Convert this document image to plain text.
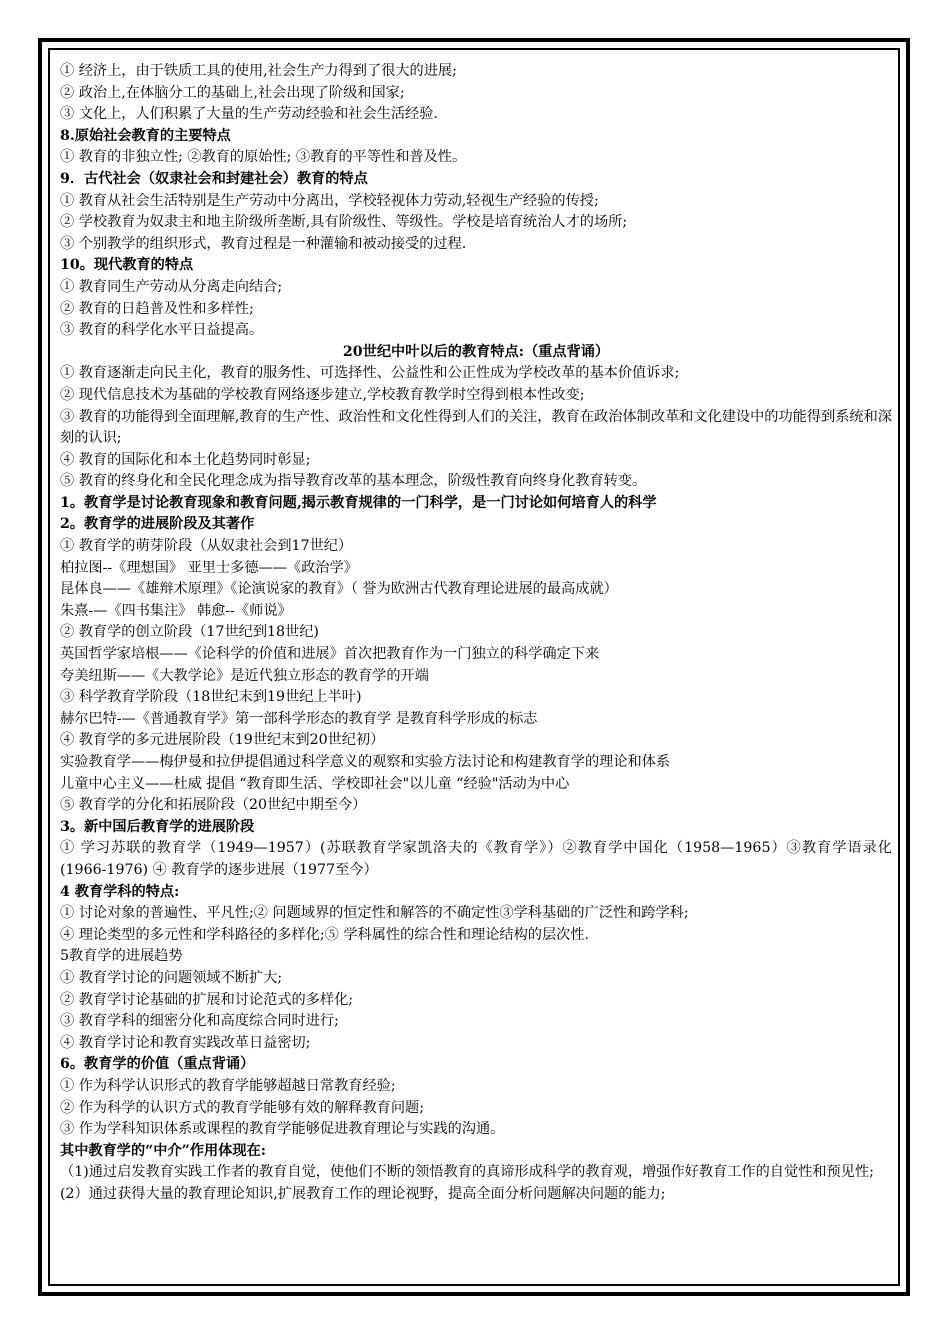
① 经济上，由于铁质工具的使用,社会生产力得到了很大的进展;
② 政治上,在体脑分工的基础上,社会出现了阶级和国家;
③ 文化上，人们积累了大量的生产劳动经验和社会生活经验.
8.原始社会教育的主要特点
① 教育的非独立性; ②教育的原始性; ③教育的平等性和普及性。
9．古代社会（奴隶社会和封建社会）教育的特点
① 教育从社会生活特别是生产劳动中分离出，学校轻视体力劳动,轻视生产经验的传授;
② 学校教育为奴隶主和地主阶级所垄断,具有阶级性、等级性。学校是培育统治人才的场所;
③ 个别教学的组织形式，教育过程是一种灌输和被动接受的过程.
10。现代教育的特点
① 教育同生产劳动从分离走向结合;
② 教育的日趋普及性和多样性;
③ 教育的科学化水平日益提高。
20世纪中叶以后的教育特点:（重点背诵）
① 教育逐渐走向民主化，教育的服务性、可选择性、公益性和公正性成为学校改革的基本价值诉求;
② 现代信息技术为基础的学校教育网络逐步建立,学校教育教学时空得到根本性改变;
③ 教育的功能得到全面理解,教育的生产性、政治性和文化性得到人们的关注，教育在政治体制改革和文化建设中的功能得到系统和深刻的认识;
④ 教育的国际化和本土化趋势同时彰显;
⑤ 教育的终身化和全民化理念成为指导教育改革的基本理念，阶级性教育向终身化教育转变。
1。教育学是讨论教育现象和教育问题,揭示教育规律的一门科学，是一门讨论如何培育人的科学
2。教育学的进展阶段及其著作
① 教育学的萌芽阶段（从奴隶社会到17世纪）
柏拉图--《理想国》 亚里士多德——《政治学》
昆体良——《雄辩术原理》《论演说家的教育》（ 誉为欧洲古代教育理论进展的最高成就）
朱熹-—《四书集注》 韩愈--《师说》
② 教育学的创立阶段（17世纪到18世纪)
英国哲学家培根——《论科学的价值和进展》首次把教育作为一门独立的科学确定下来
夸美纽斯——《大教学论》是近代独立形态的教育学的开端
③ 科学教育学阶段（18世纪末到19世纪上半叶)
赫尔巴特-—《普通教育学》第一部科学形态的教育学 是教育科学形成的标志
④ 教育学的多元进展阶段（19世纪末到20世纪初）
实验教育学——梅伊曼和拉伊提倡通过科学意义的观察和实验方法讨论和构建教育学的理论和体系
儿童中心主义——杜威 提倡 “教育即生活、学校即社会"以儿童 “经验"活动为中心
⑤ 教育学的分化和拓展阶段（20世纪中期至今）
3。新中国后教育学的进展阶段
① 学习苏联的教育学（1949—1957）(苏联教育学家凯洛夫的《教育学》）②教育学中国化（1958—1965）③教育学语录化(1966-1976) ④ 教育学的逐步进展（1977至今）
4 教育学科的特点:
① 讨论对象的普遍性、平凡性;② 问题域界的恒定性和解答的不确定性③学科基础的广泛性和跨学科;
④ 理论类型的多元性和学科路径的多样化;⑤ 学科属性的综合性和理论结构的层次性.
5教育学的进展趋势
① 教育学讨论的问题领域不断扩大;
② 教育学讨论基础的扩展和讨论范式的多样化;
③ 教育学科的细密分化和高度综合同时进行;
④ 教育学讨论和教育实践改革日益密切;
6。教育学的价值（重点背诵）
① 作为科学认识形式的教育学能够超越日常教育经验;
② 作为科学的认识方式的教育学能够有效的解释教育问题;
③ 作为学科知识体系或课程的教育学能够促进教育理论与实践的沟通。
其中教育学的“中介”作用体现在:
（1)通过启发教育实践工作者的教育自觉，使他们不断的领悟教育的真谛形成科学的教育观，增强作好教育工作的自觉性和预见性;
(2）通过获得大量的教育理论知识,扩展教育工作的理论视野，提高全面分析问题解决问题的能力;
